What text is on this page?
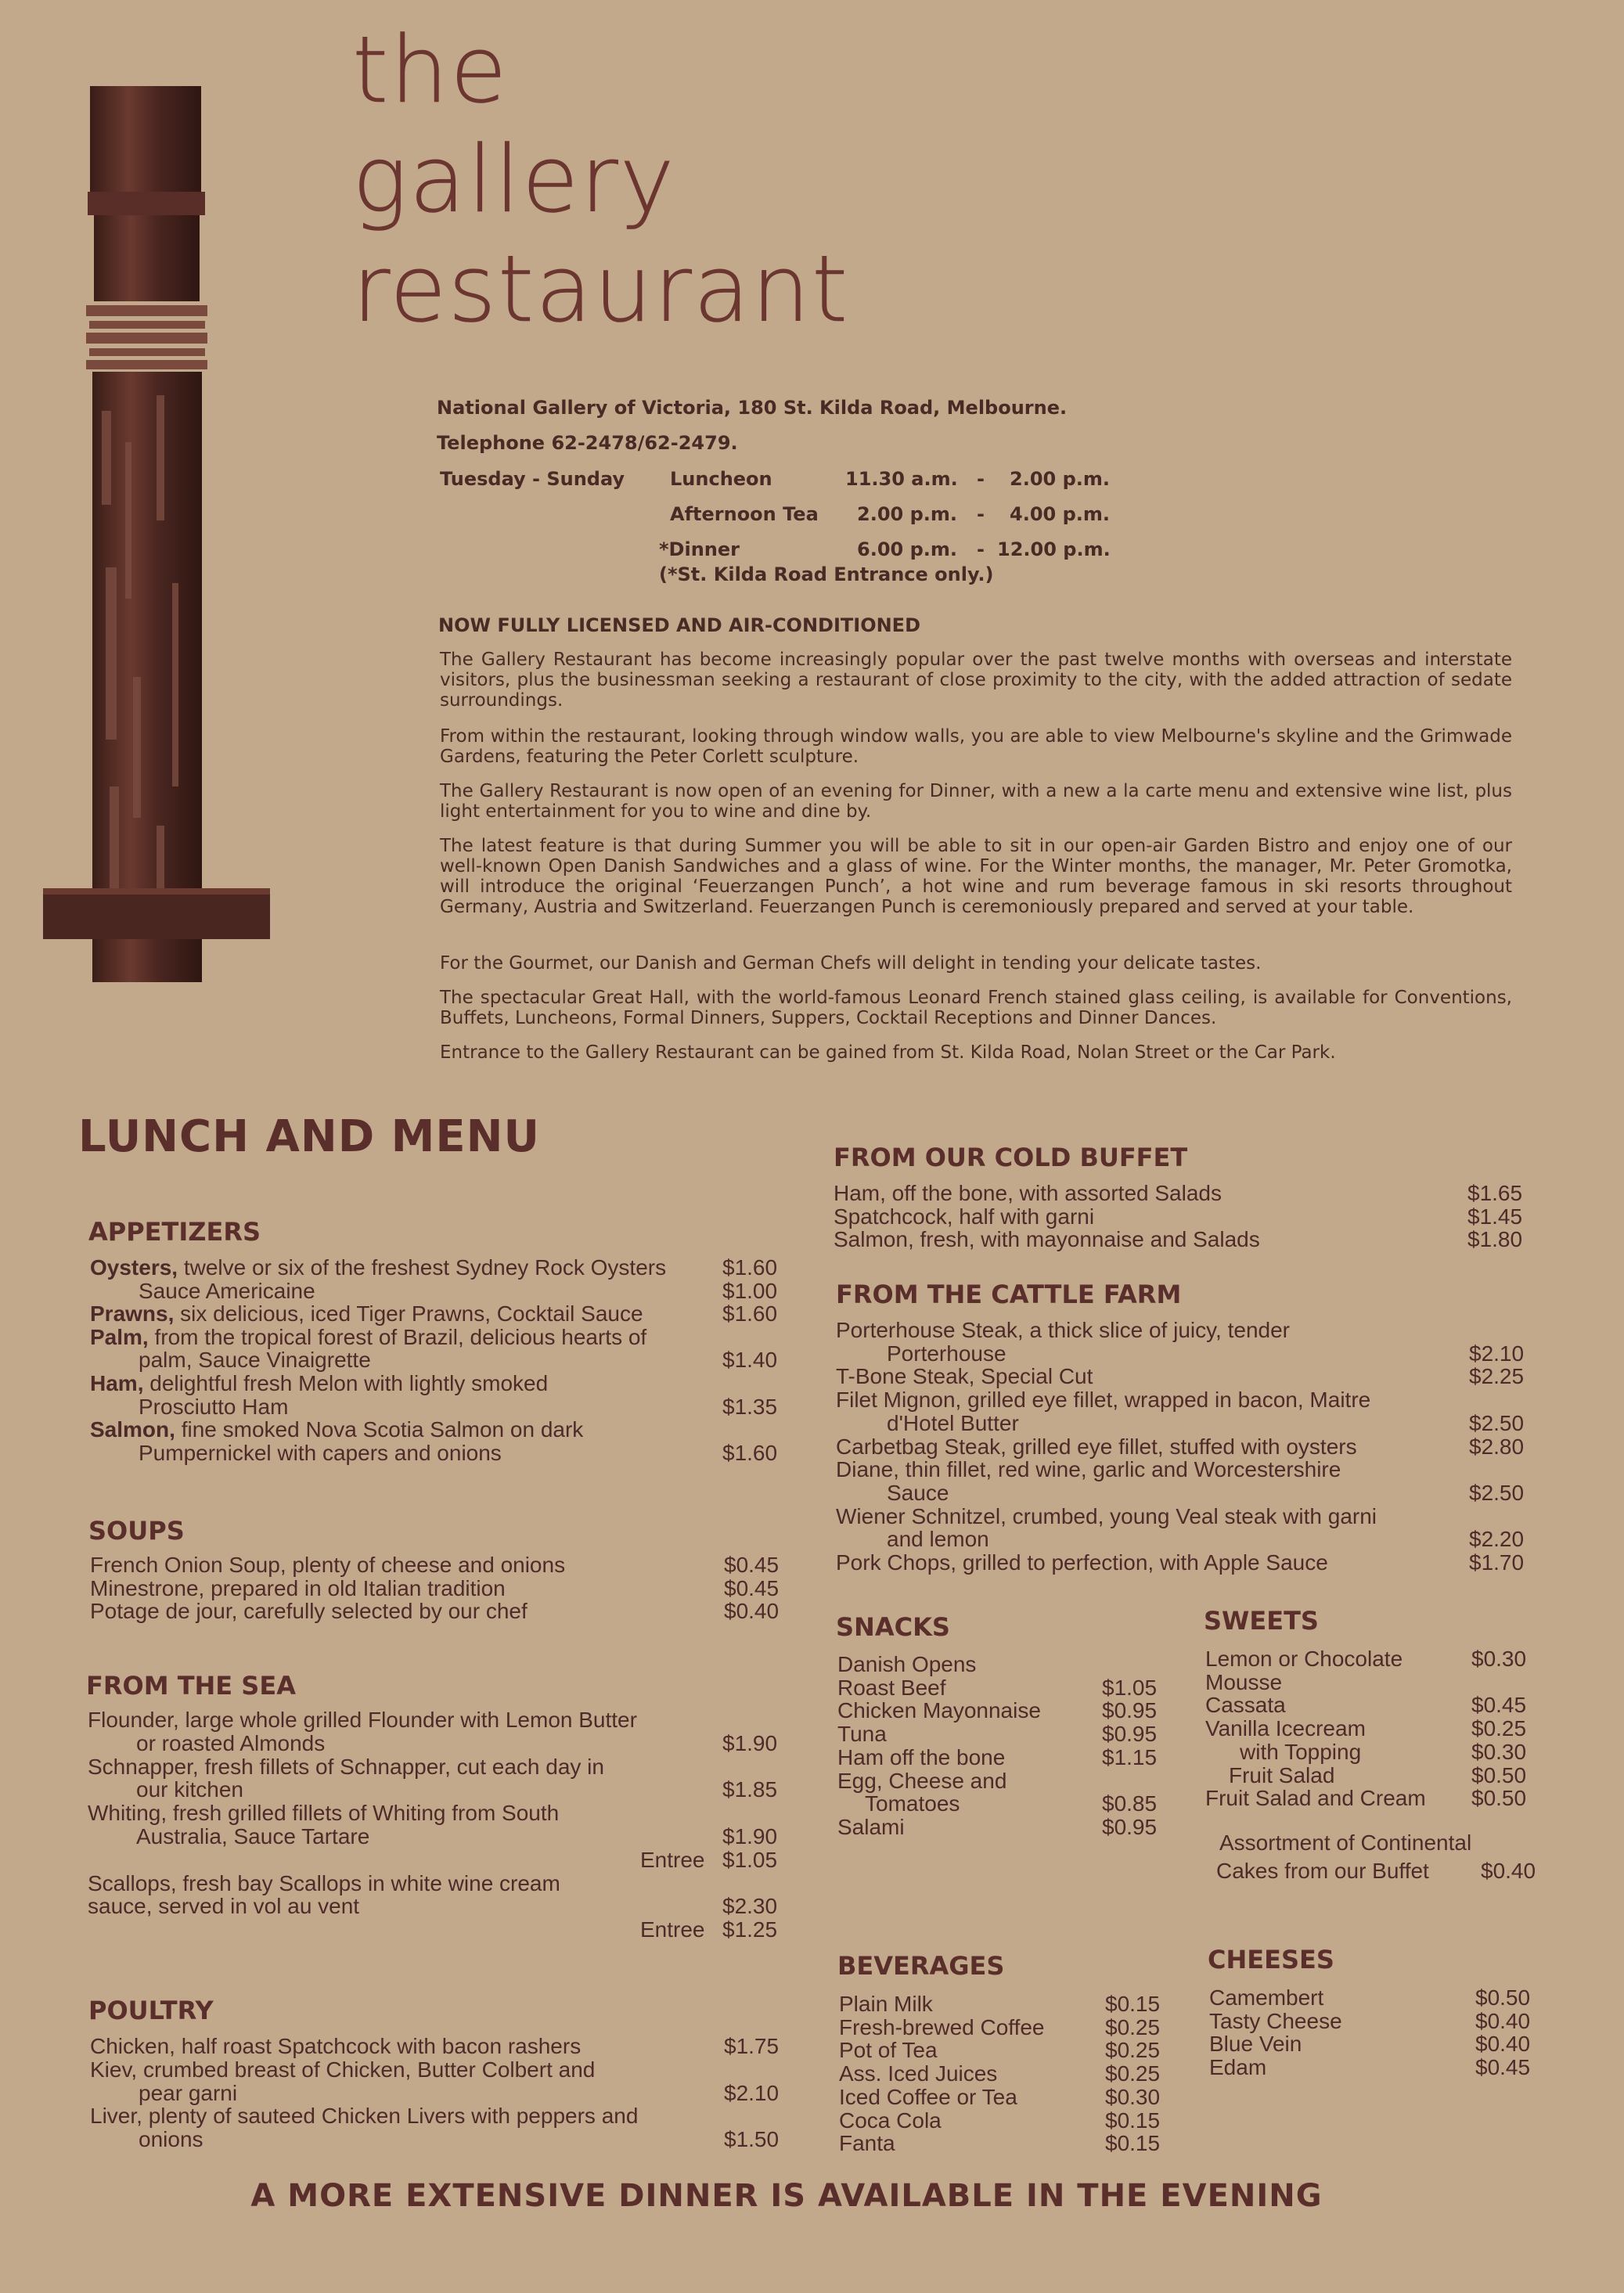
the
gallery
restaurant
National Gallery of Victoria, 180 St. Kilda Road, Melbourne.
Telephone 62-2478/62-2479.
Tuesday - Sunday Luncheon	11.30 a.m. - 2.00 p.m.
Afternoon Tea 2.00 p.m. - 4.00 p.m.
*Dinner	6.00 p.m. - 12.00 p.m.
(*St. Kilda Road Entrance only.)
NOW FULLY LICENSED AND AIR-CONDITIONED

The Gallery Restaurant has become increasingly popular over the past twelve months with overseas and interstate visitors, plus the businessman seeking a restaurant of close proximity to the city, with the added attraction of sedate surroundings.

From within the restaurant, looking through window walls, you are able to view Melbourne's skyline and the Grimwade Gardens, featuring the Peter Corlett sculpture.

The Gallery Restaurant is now open of an evening for Dinner, with a new a la carte menu and extensive wine list, plus light entertainment for you to wine and dine by.

The latest feature is that during Summer you will be able to sit in our open-air Garden Bistro and enjoy one of our well-known Open Danish Sandwiches and a glass of wine. For the Winter months, the manager, Mr. Peter Gromotka, will introduce the original ‘Feuerzangen Punch’, a hot wine and rum beverage famous in ski resorts throughout Germany, Austria and Switzerland. Feuerzangen Punch is ceremoniously prepared and served at your table.

For the Gourmet, our Danish and German Chefs will delight in tending your delicate tastes.

The spectacular Great Hall, with the world-famous Leonard French stained glass ceiling, is available for Conventions, Buffets, Luncheons, Formal Dinners, Suppers, Cocktail Receptions and Dinner Dances.

Entrance to the Gallery Restaurant can be gained from St. Kilda Road, Nolan Street or the Car Park.

LUNCH AND MENU
APPETIZERS
Oysters, twelve or six of the freshest Sydney Rock Oysters	$1.60
Sauce Americaine	$1.00
Prawns, six delicious, iced Tiger Prawns, Cocktail Sauce	$1.60
Palm, from the tropical forest of Brazil, delicious hearts of
palm, Sauce Vinaigrette	$1.40
Ham, delightful fresh Melon with lightly smoked
Prosciutto Ham	$1.35
Salmon, fine smoked Nova Scotia Salmon on dark
Pumpernickel with capers and onions	$1.60
SOUPS
French Onion Soup, plenty of cheese and onions	$0.45
Minestrone, prepared in old Italian tradition	$0.45
Potage de jour, carefully selected by our chef	$0.40
FROM THE SEA
Flounder, large whole grilled Flounder with Lemon Butter
or roasted Almonds	$1.90
Schnapper, fresh fillets of Schnapper, cut each day in
our kitchen	$1.85
Whiting, fresh grilled fillets of Whiting from South
Australia, Sauce Tartare	$1.90
Entree $1.05
Scallops, fresh bay Scallops in white wine cream
sauce, served in vol au vent	$2.30
Entree $1.25
POULTRY
Chicken, half roast Spatchcock with bacon rashers	$1.75
Kiev, crumbed breast of Chicken, Butter Colbert and
pear garni	$2.10
Liver, plenty of sauteed Chicken Livers with peppers and
onions	$1.50
FROM OUR COLD BUFFET
Ham, off the bone, with assorted Salads	$1.65
Spatchcock, half with garni	$1.45
Salmon, fresh, with mayonnaise and Salads	$1.80
FROM THE CATTLE FARM
Porterhouse Steak, a thick slice of juicy, tender
Porterhouse	$2.10
T-Bone Steak, Special Cut	$2.25
Filet Mignon, grilled eye fillet, wrapped in bacon, Maitre
d'Hotel Butter	$2.50
Carbetbag Steak, grilled eye fillet, stuffed with oysters	$2.80
Diane, thin fillet, red wine, garlic and Worcestershire
Sauce	$2.50
Wiener Schnitzel, crumbed, young Veal steak with garni
and lemon	$2.20
Pork Chops, grilled to perfection, with Apple Sauce	$1.70
SNACKS
Danish Opens
Roast Beef	$1.05
Chicken Mayonnaise	$0.95
Tuna	$0.95
Ham off the bone	$1.15
Egg, Cheese and
Tomatoes	$0.85
Salami	$0.95
SWEETS
Lemon or Chocolate	$0.30
Mousse
Cassata	$0.45
Vanilla Icecream	$0.25
with Topping	$0.30
Fruit Salad	$0.50
Fruit Salad and Cream $0.50
BEVERAGES
Plain Milk	$0.15
Fresh-brewed Coffee	$0.25
Pot of Tea	$0.25
Ass. Iced Juices	$0.25
Iced Coffee or Tea	$0.30
Coca Cola	$0.15
Fanta	$0.15
CHEESES
Camembert	$0.50
Tasty Cheese	$0.40
Blue Vein	$0.40
Edam	$0.45
Assortment of Continental
Cakes from our Buffet $0.40
A MORE EXTENSIVE DINNER IS AVAILABLE IN THE EVENING
